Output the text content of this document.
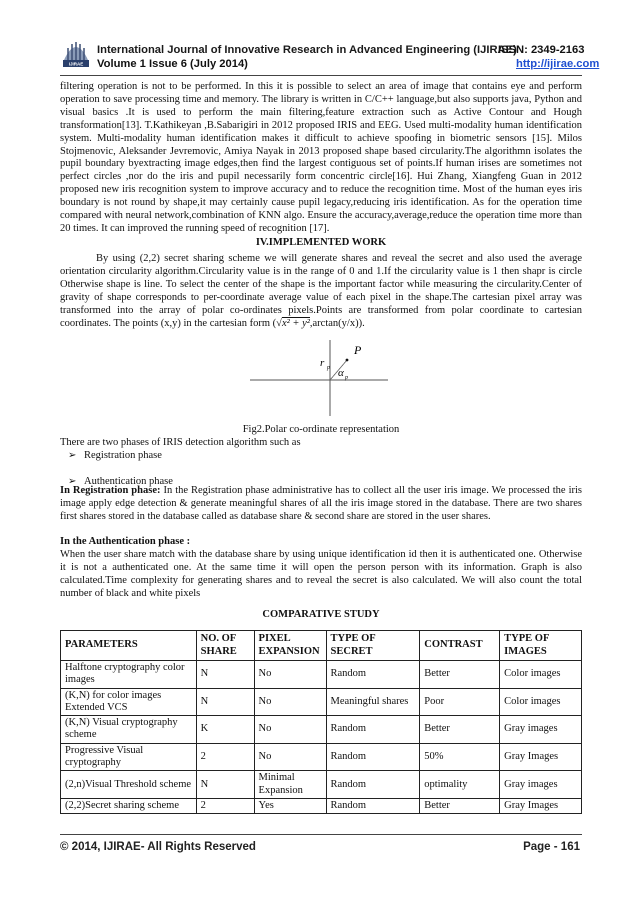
IJIRAE
International Journal of Innovative Research in Advanced Engineering (IJIRAE)
ISSN: 2349-2163
Volume 1 Issue 6 (July 2014)	http://ijirae.com

filtering operation is not to be performed. In this it is possible to select an area of image that contains eye and perform operation to save processing time and memory. The library is written in C/C++ language,but also supports java, Python and visual basics .It is used to perform the main filtering,feature extraction such as Active Contour and Hough transformation[13]. T.Kathikeyan ,B.Sabarigiri in 2012 proposed IRIS and EEG. Used multi-modality human identification system. Multi-modality human identification makes it difficult to achieve spoofing in biometric sensors [15]. Milos Stojmenovic, Aleksander Jevremovic, Amiya Nayak in 2013 proposed shape based circularity.The algorithmn isolates the pupil boundary byextracting image edges,then find the largest contiguous set of points.If human irises are sometimes not perfect circles ,nor do the iris and pupil necessarily form concentric circle[16]. Hui Zhang, Xiangfeng Guan in 2012 proposed new iris recognition system to improve accuracy and to reduce the recognition time. Most of the human eyes iris boundary is not round by shape,it may certainly cause pupil legacy,reducing iris identification. As for the operation time compared with neural network,combination of KNN algo. Ensure the accuracy,average,reduce the operation time more than 20 times. It can improved the running speed of recognition [17].

IV.IMPLEMENTED WORK

By using (2,2) secret sharing scheme we will generate shares and reveal the secret and also used the average orientation circularity algorithm.Circularity value is in the range of 0 and 1.If the circularity value is 1 then shapr is circle Otherwise shape is line. To select the center of the shape is the important factor while measuring the circularity.Center of gravity of shape corresponds to per-coordinate average value of each pixel in the shape.The cartesian pixel array was transformed into the array of polar co-ordinates pixels.Points are transformed from polar coordinate to cartesian coordinates. The points (x,y) in the cartesian form (√x² + y²,arctan(y/x)).

P
r p α p
Fig2.Polar co-ordinate representation
There are two phases of IRIS detection algorithm such as
➢ Registration phase
➢ Authentication phase

In Registration phase: In the Registration phase administrative has to collect all the user iris image. We processed the iris image apply edge detection & generate meaningful shares of all the iris image stored in the database. There are two shares first shares stored in the database called as database share & second share are stored in the user shares.

In the Authentication phase :

When the user share match with the database share by using unique identification id then it is authenticated one. Otherwise it is not a authenticated one. At the same time it will open the person person with its information. Graph is also calculated.Time complexity for generating shares and to reveal the secret is also calculated. We will also count the total number of black and white pixels

COMPARATIVE STUDY
PARAMETERS	NO. OF SHARE	PIXEL EXPANSION	TYPE OF SECRET	CONTRAST	TYPE OF IMAGES
Halftone cryptography color images	N	No	Random	Better	Color images
(K,N) for color images Extended VCS	N	No	Meaningful shares	Poor	Color images
(K,N) Visual cryptography scheme	K	No	Random	Better	Gray images
Progressive Visual cryptography	2	No	Random	50%	Gray Images
(2,n)Visual Threshold scheme	N	Minimal Expansion	Random	optimality	Gray images
(2,2)Secret sharing scheme	2	Yes	Random	Better	Gray Images
© 2014, IJIRAE- All Rights Reserved	Page - 161
